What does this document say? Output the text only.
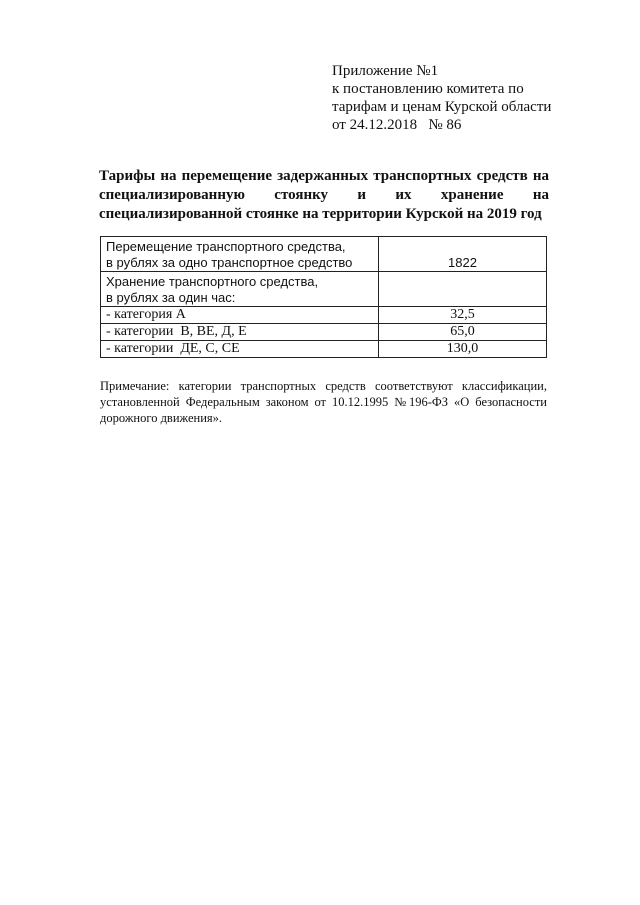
Приложение №1
к постановлению комитета по
тарифам и ценам Курской области
от 24.12.2018   № 86
Тарифы на перемещение задержанных транспортных средств на специализированную стоянку и их хранение на специализированной стоянке на территории Курской на 2019 год
Перемещение транспортного средства,
в рублях за одно транспортное средство	1822

Хранение транспортного средства,
в рублях за один час:	

- категория А	32,5
- категории  В, ВЕ, Д, Е	65,0
- категории  ДЕ, С, СЕ	130,0
Примечание: категории транспортных средств соответствуют классификации, установленной Федеральным законом от 10.12.1995 №196-ФЗ «О безопасности дорожного движения».
